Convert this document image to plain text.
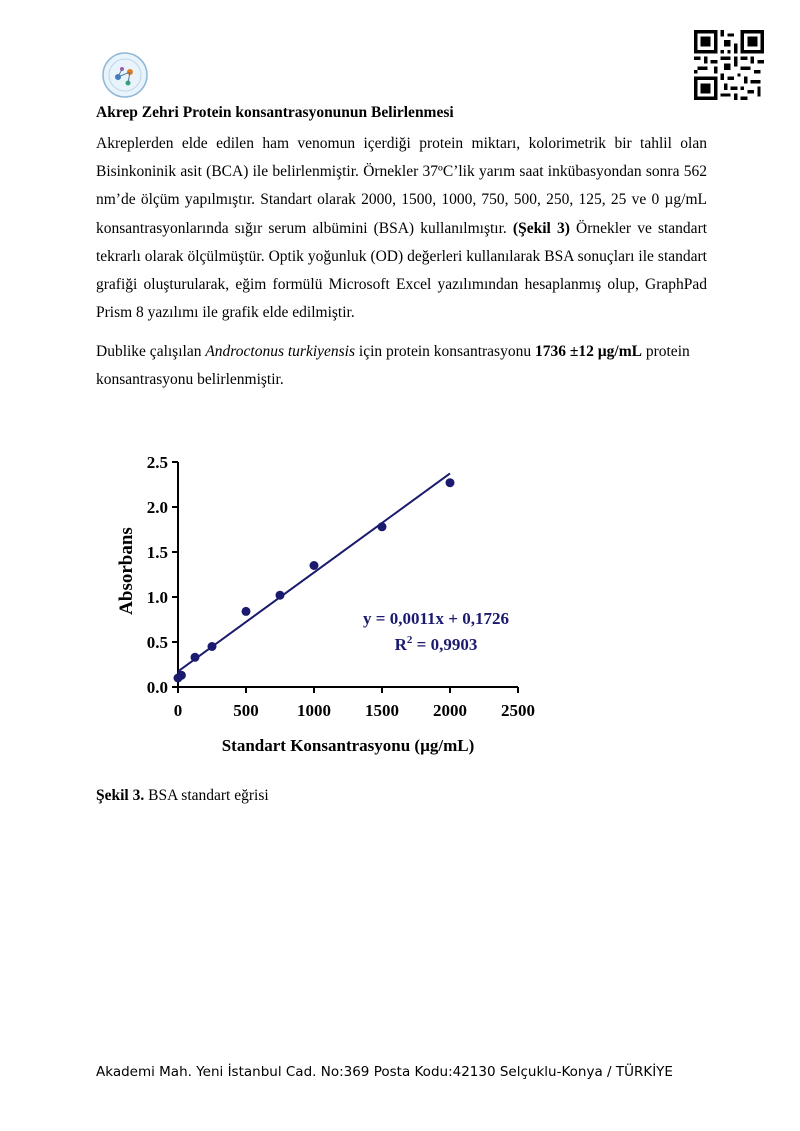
Akrep Zehri Protein konsantrasyonunun Belirlenmesi

Akreplerden elde edilen ham venomun içerdiği protein miktarı, kolorimetrik bir tahlil olan Bisinkoninik asit (BCA) ile belirlenmiştir. Örnekler 37ºC’lik yarım saat inkübasyondan sonra 562 nm’de ölçüm yapılmıştır. Standart olarak 2000, 1500, 1000, 750, 500, 250, 125, 25 ve 0 µg/mL konsantrasyonlarında sığır serum albümini (BSA) kullanılmıştır. (Şekil 3) Örnekler ve standart tekrarlı olarak ölçülmüştür. Optik yoğunluk (OD) değerleri kullanılarak BSA sonuçları ile standart grafiği oluşturularak, eğim formülü Microsoft Excel yazılımından hesaplanmış olup, GraphPad Prism 8 yazılımı ile grafik elde edilmiştir.

Dublike çalışılan Androctonus turkiyensis için protein konsantrasyonu 1736 ±12 µg/mL protein konsantrasyonu belirlenmiştir.

0	500 1000 1500 2000 2500
0.0
0.5
1.0
1.5
2.0
2.5
Absorbans
Standart Konsantrasyonu (µg/mL)
y = 0,0011x + 0,1726
$R^2 = 0,9903$
Şekil 3. BSA standart eğrisi
Akademi Mah. Yeni İstanbul Cad. No:369 Posta Kodu:42130 Selçuklu-Konya / TÜRKİYE
